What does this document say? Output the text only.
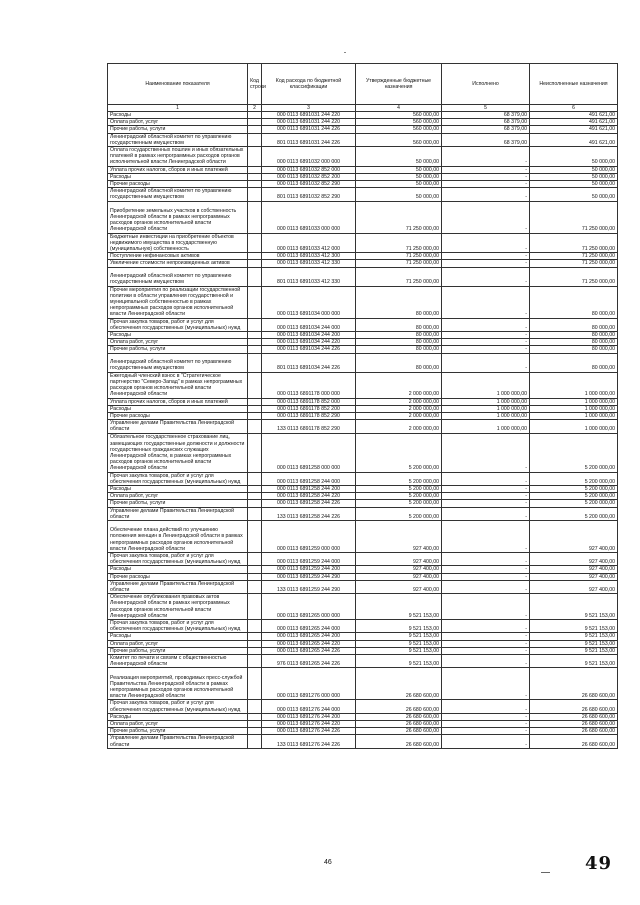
Наименование показателя	Код строки	Код расхода по бюджетной классификации	Утвержденные бюджетные назначения	Исполнено	Неисполненные назначения
1	2	3	4	5	6
Расходы		000 0113 6891031 244 220	560 000,00	68 379,00	491 621,00
Оплата работ, услуг		000 0113 6891031 244 220	560 000,00	68 379,00	491 621,00
Прочие работы, услуги		000 0113 6891031 244 226	560 000,00	68 379,00	491 621,00
Ленинградский областной комитет по управлению государственным имуществом		801 0113 6891031 244 226	560 000,00	68 379,00	491 621,00
Оплата государственных пошлин и иных обязательных платежей в рамках непрограммных расходов органов исполнительной власти Ленинградской области		000 0113 6891032 000 000	50 000,00	-	50 000,00
Уплата прочих налогов, сборов и иных платежей		000 0113 6891032 852 000	50 000,00	-	50 000,00
Расходы		000 0113 6891032 852 200	50 000,00	-	50 000,00
Прочие расходы		000 0113 6891032 852 290	50 000,00	-	50 000,00
Ленинградский областной комитет по управлению государственным имуществом		801 0113 6891032 852 290	50 000,00	-	50 000,00
Приобретение земельных участков в собственность Ленинградской области в рамках непрограммных расходов органов исполнительной власти Ленинградской области		000 0113 6891033 000 000	71 250 000,00	-	71 250 000,00
Бюджетные инвестиции на приобретение объектов недвижимого имущества в государственную (муниципальную) собственность		000 0113 6891033 412 000	71 250 000,00	-	71 250 000,00
Поступление нефинансовых активов		000 0113 6891033 412 300	71 250 000,00	-	71 250 000,00
Увеличение стоимости непроизведенных активов		000 0113 6891033 412 330	71 250 000,00	-	71 250 000,00
Ленинградский областной комитет по управлению государственным имуществом		801 0113 6891033 412 330	71 250 000,00	-	71 250 000,00
Прочие мероприятия по реализации государственной политики в области управления государственной и муниципальной собственностью в рамках непрограммных расходов органов исполнительной власти Ленинградской области		000 0113 6891034 000 000	80 000,00	-	80 000,00
Прочая закупка товаров, работ и услуг для обеспечения государственных (муниципальных) нужд		000 0113 6891034 244 000	80 000,00	-	80 000,00
Расходы		000 0113 6891034 244 200	80 000,00	-	80 000,00
Оплата работ, услуг		000 0113 6891034 244 220	80 000,00	-	80 000,00
Прочие работы, услуги		000 0113 6891034 244 226	80 000,00	-	80 000,00
Ленинградский областной комитет по управлению государственным имуществом		801 0113 6891034 244 226	80 000,00	-	80 000,00
Ежегодный членский взнос в "Стратегическое партнерство "Северо-Запад" в рамках непрограммных расходов органов исполнительной власти Ленинградской области		000 0113 6891178 000 000	2 000 000,00	1 000 000,00	1 000 000,00
Уплата прочих налогов, сборов и иных платежей		000 0113 6891178 852 000	2 000 000,00	1 000 000,00	1 000 000,00
Расходы		000 0113 6891178 852 200	2 000 000,00	1 000 000,00	1 000 000,00
Прочие расходы		000 0113 6891178 852 290	2 000 000,00	1 000 000,00	1 000 000,00
Управление делами Правительства Ленинградской области		133 0113 6891178 852 290	2 000 000,00	1 000 000,00	1 000 000,00
Обязательное государственное страхование лиц, замещающих государственные должности и должности государственных гражданских служащих Ленинградской области, в рамках непрограммных расходов органов исполнительной власти Ленинградской области		000 0113 6891258 000 000	5 200 000,00	-	5 200 000,00
Прочая закупка товаров, работ и услуг для обеспечения государственных (муниципальных) нужд		000 0113 6891258 244 000	5 200 000,00	-	5 200 000,00
Расходы		000 0113 6891258 244 200	5 200 000,00	-	5 200 000,00
Оплата работ, услуг		000 0113 6891258 244 220	5 200 000,00	-	5 200 000,00
Прочие работы, услуги		000 0113 6891258 244 226	5 200 000,00	-	5 200 000,00
Управление делами Правительства Ленинградской области		133 0113 6891258 244 226	5 200 000,00	-	5 200 000,00
Обеспечение плана действий по улучшению положения женщин в Ленинградской области в рамках непрограммных расходов органов исполнительной власти Ленинградской области		000 0113 6891259 000 000	927 400,00	-	927 400,00
Прочая закупка товаров, работ и услуг для обеспечения государственных (муниципальных) нужд		000 0113 6891259 244 000	927 400,00	-	927 400,00
Расходы		000 0113 6891259 244 200	927 400,00	-	927 400,00
Прочие расходы		000 0113 6891259 244 290	927 400,00	-	927 400,00
Управление делами Правительства Ленинградской области		133 0113 6891259 244 290	927 400,00	-	927 400,00
Обеспечение опубликования правовых актов Ленинградской области в рамках непрограммных расходов органов исполнительной власти Ленинградской области		000 0113 6891265 000 000	9 521 153,00	-	9 521 153,00
Прочая закупка товаров, работ и услуг для обеспечения государственных (муниципальных) нужд		000 0113 6891265 244 000	9 521 153,00	-	9 521 153,00
Расходы		000 0113 6891265 244 200	9 521 153,00	-	9 521 153,00
Оплата работ, услуг		000 0113 6891265 244 220	9 521 153,00	-	9 521 153,00
Прочие работы, услуги		000 0113 6891265 244 226	9 521 153,00	-	9 521 153,00
Комитет по печати и связям с общественностью Ленинградской области		976 0113 6891265 244 226	9 521 153,00	-	9 521 153,00
Реализация мероприятий, проводимых пресс-службой Правительства Ленинградской области в рамках непрограммных расходов органов исполнительной власти Ленинградской области		000 0113 6891276 000 000	26 680 600,00	-	26 680 600,00
Прочая закупка товаров, работ и услуг для обеспечения государственных (муниципальных) нужд		000 0113 6891276 244 000	26 680 600,00	-	26 680 600,00
Расходы		000 0113 6891276 244 200	26 680 600,00	-	26 680 600,00
Оплата работ, услуг		000 0113 6891276 244 220	26 680 600,00	-	26 680 600,00
Прочие работы, услуги		000 0113 6891276 244 226	26 680 600,00	-	26 680 600,00
Управление делами Правительства Ленинградской области		133 0113 6891276 244 226	26 680 600,00	-	26 680 600,00
46	49
